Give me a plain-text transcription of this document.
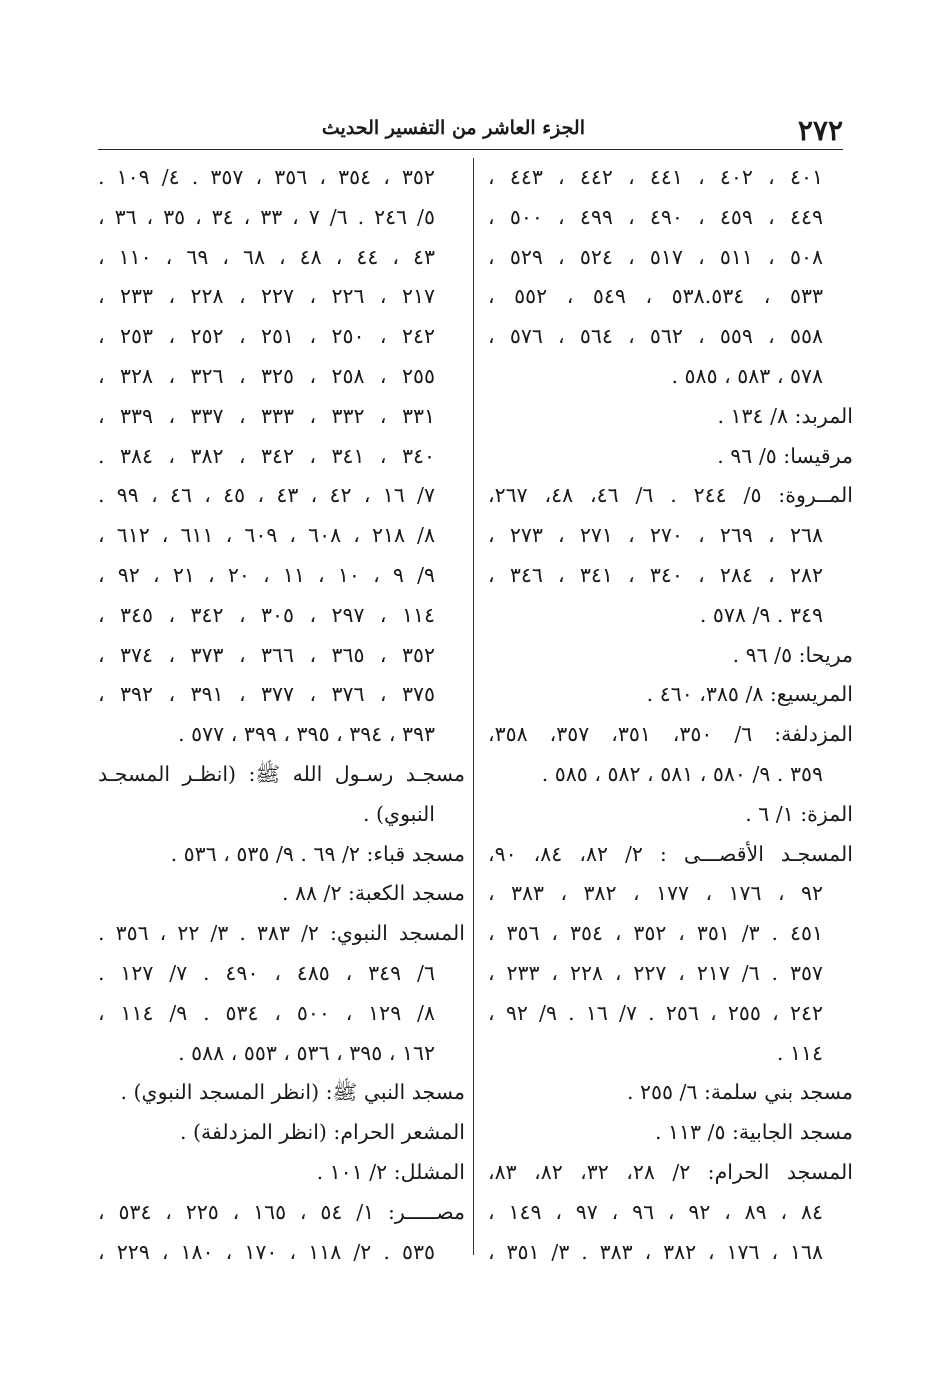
٢٧٢
الجزء العاشر من التفسير الحديث
٤٠١ ، ٤٠٢ ، ٤٤١ ، ٤٤٢ ، ٤٤٣ ،
٤٤٩ ، ٤٥٩ ، ٤٩٠ ، ٤٩٩ ، ٥٠٠ ،
٥٠٨ ، ٥١١ ، ٥١٧ ، ٥٢٤ ، ٥٢٩ ،
٥٣٣ ، ٥٣٨.٥٣٤ ، ٥٤٩ ، ٥٥٢ ،
٥٥٨ ، ٥٥٩ ، ٥٦٢ ، ٥٦٤ ، ٥٧٦ ،
٥٧٨ ، ٥٨٣ ، ٥٨٥ .
المربد: ٨/ ١٣٤ .
مرقيسا: ٥/ ٩٦ .
المــروة: ٥/ ٢٤٤ . ٦/ ٤٦، ٤٨، ٢٦٧،
٢٦٨ ، ٢٦٩ ، ٢٧٠ ، ٢٧١ ، ٢٧٣ ،
٢٨٢ ، ٢٨٤ ، ٣٤٠ ، ٣٤١ ، ٣٤٦ ،
٣٤٩ . ٩/ ٥٧٨ .
مريحا: ٥/ ٩٦ .
المريسيع: ٨/ ٣٨٥، ٤٦٠ .
المزدلفة: ٦/ ٣٥٠، ٣٥١، ٣٥٧، ٣٥٨،
٣٥٩ . ٩/ ٥٨٠ ، ٥٨١ ، ٥٨٢ ، ٥٨٥ .
المزة: ١/ ٦ .
المسجـد الأقصـــى : ٢/ ٨٢، ٨٤، ٩٠،
٩٢ ، ١٧٦ ، ١٧٧ ، ٣٨٢ ، ٣٨٣ ،
٤٥١ . ٣/ ٣٥١ ، ٣٥٢ ، ٣٥٤ ، ٣٥٦ ،
٣٥٧ . ٦/ ٢١٧ ، ٢٢٧ ، ٢٢٨ ، ٢٣٣ ،
٢٤٢ ، ٢٥٥ ، ٢٥٦ . ٧/ ١٦ . ٩/ ٩٢ ،
١١٤ .
مسجد بني سلمة: ٦/ ٢٥٥ .
مسجد الجابية: ٥/ ١١٣ .
المسجد الحرام: ٢/ ٢٨، ٣٢، ٨٢، ٨٣،
٨٤ ، ٨٩ ، ٩٢ ، ٩٦ ، ٩٧ ، ١٤٩ ،
١٦٨ ، ١٧٦ ، ٣٨٢ ، ٣٨٣ . ٣/ ٣٥١ ،
٣٥٢ ، ٣٥٤ ، ٣٥٦ ، ٣٥٧ . ٤/ ١٠٩ .
٥/ ٢٤٦ . ٦/ ٧ ، ٣٣ ، ٣٤ ، ٣٥ ، ٣٦ ،
٤٣ ، ٤٤ ، ٤٨ ، ٦٨ ، ٦٩ ، ١١٠ ،
٢١٧ ، ٢٢٦ ، ٢٢٧ ، ٢٢٨ ، ٢٣٣ ،
٢٤٢ ، ٢٥٠ ، ٢٥١ ، ٢٥٢ ، ٢٥٣ ،
٢٥٥ ، ٢٥٨ ، ٣٢٥ ، ٣٢٦ ، ٣٢٨ ،
٣٣١ ، ٣٣٢ ، ٣٣٣ ، ٣٣٧ ، ٣٣٩ ،
٣٤٠ ، ٣٤١ ، ٣٤٢ ، ٣٨٢ ، ٣٨٤ .
٧/ ١٦ ، ٤٢ ، ٤٣ ، ٤٥ ، ٤٦ ، ٩٩ .
٨/ ٢١٨ ، ٦٠٨ ، ٦٠٩ ، ٦١١ ، ٦١٢ ،
٩/ ٩ ، ١٠ ، ١١ ، ٢٠ ، ٢١ ، ٩٢ ،
١١٤ ، ٢٩٧ ، ٣٠٥ ، ٣٤٢ ، ٣٤٥ ،
٣٥٢ ، ٣٦٥ ، ٣٦٦ ، ٣٧٣ ، ٣٧٤ ،
٣٧٥ ، ٣٧٦ ، ٣٧٧ ، ٣٩١ ، ٣٩٢ ،
٣٩٣ ، ٣٩٤ ، ٣٩٥ ، ٣٩٩ ، ٥٧٧ .
مسجـد رسـول الله ﷺ: (انظـر المسجـد
النبوي) .
مسجد قباء: ٢/ ٦٩ . ٩/ ٥٣٥ ، ٥٣٦ .
مسجد الكعبة: ٢/ ٨٨ .
المسجد النبوي: ٢/ ٣٨٣ . ٣/ ٢٢ ، ٣٥٦ .
٦/ ٣٤٩ ، ٤٨٥ ، ٤٩٠ . ٧/ ١٢٧ .
٨/ ١٢٩ ، ٥٠٠ ، ٥٣٤ . ٩/ ١١٤ ،
١٦٢ ، ٣٩٥ ، ٥٣٦ ، ٥٥٣ ، ٥٨٨ .
مسجد النبي ﷺ: (انظر المسجد النبوي) .
المشعر الحرام: (انظر المزدلفة) .
المشلل: ٢/ ١٠١ .
مصـــــر: ١/ ٥٤ ، ١٦٥ ، ٢٢٥ ، ٥٣٤ ،
٥٣٥ . ٢/ ١١٨ ، ١٧٠ ، ١٨٠ ، ٢٢٩ ،
